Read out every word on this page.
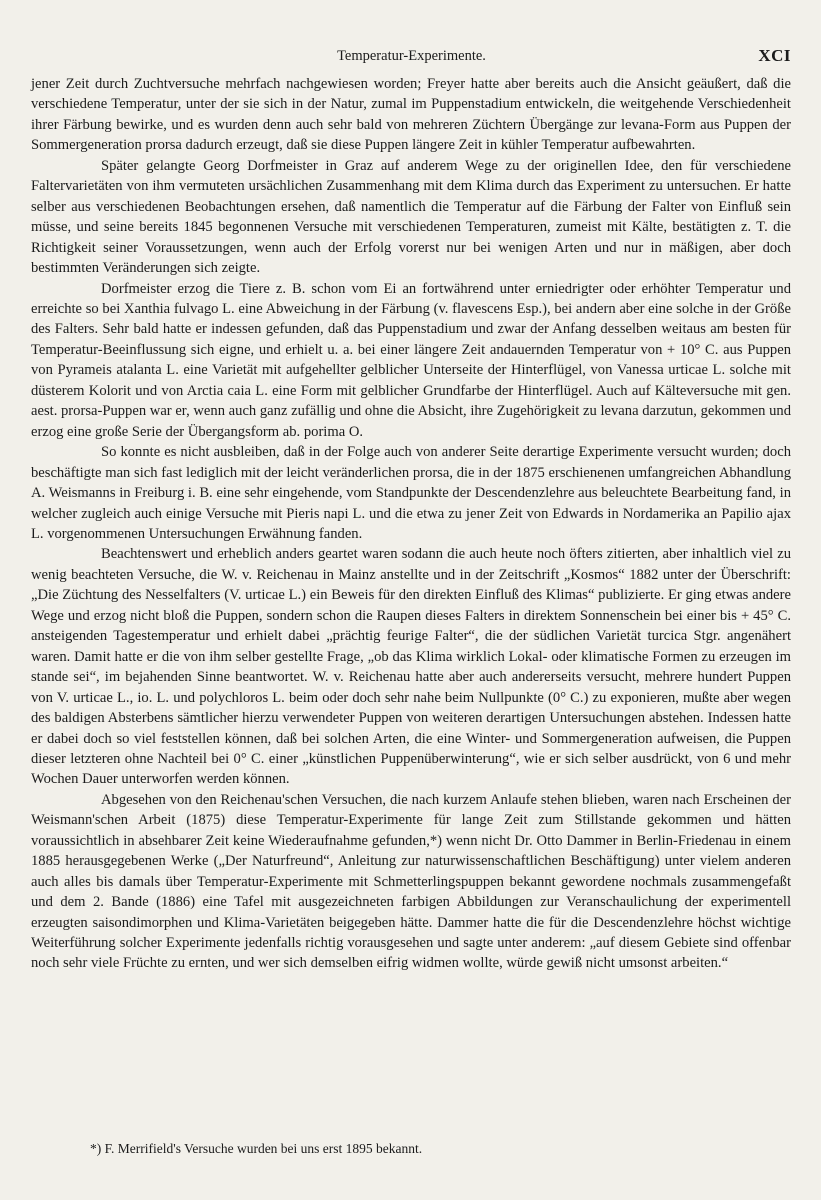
Temperatur-Experimente.	XCI

jener Zeit durch Zuchtversuche mehrfach nachgewiesen worden; Freyer hatte aber bereits auch die Ansicht geäußert, daß die verschiedene Temperatur, unter der sie sich in der Natur, zumal im Puppenstadium entwickeln, die weitgehende Verschiedenheit ihrer Färbung bewirke, und es wurden denn auch sehr bald von mehreren Züchtern Übergänge zur levana-Form aus Puppen der Sommergeneration prorsa dadurch erzeugt, daß sie diese Puppen längere Zeit in kühler Temperatur aufbewahrten.

Später gelangte Georg Dorfmeister in Graz auf anderem Wege zu der originellen Idee, den für verschiedene Faltervarietäten von ihm vermuteten ursächlichen Zusammenhang mit dem Klima durch das Experiment zu untersuchen. Er hatte selber aus verschiedenen Beobachtungen ersehen, daß namentlich die Temperatur auf die Färbung der Falter von Einfluß sein müsse, und seine bereits 1845 begonnenen Versuche mit verschiedenen Temperaturen, zumeist mit Kälte, bestätigten z. T. die Richtigkeit seiner Voraussetzungen, wenn auch der Erfolg vorerst nur bei wenigen Arten und nur in mäßigen, aber doch bestimmten Veränderungen sich zeigte.

Dorfmeister erzog die Tiere z. B. schon vom Ei an fortwährend unter erniedrigter oder erhöhter Temperatur und erreichte so bei Xanthia fulvago L. eine Abweichung in der Färbung (v. flavescens Esp.), bei andern aber eine solche in der Größe des Falters. Sehr bald hatte er indessen gefunden, daß das Puppenstadium und zwar der Anfang desselben weitaus am besten für Temperatur-Beeinflussung sich eigne, und erhielt u. a. bei einer längere Zeit andauernden Temperatur von + 10° C. aus Puppen von Pyrameis atalanta L. eine Varietät mit aufgehellter gelblicher Unterseite der Hinterflügel, von Vanessa urticae L. solche mit düsterem Kolorit und von Arctia caia L. eine Form mit gelblicher Grundfarbe der Hinterflügel. Auch auf Kälteversuche mit gen. aest. prorsa-Puppen war er, wenn auch ganz zufällig und ohne die Absicht, ihre Zugehörigkeit zu levana darzutun, gekommen und erzog eine große Serie der Übergangsform ab. porima O.

So konnte es nicht ausbleiben, daß in der Folge auch von anderer Seite derartige Experimente versucht wurden; doch beschäftigte man sich fast lediglich mit der leicht veränderlichen prorsa, die in der 1875 erschienenen umfangreichen Abhandlung A. Weismanns in Freiburg i. B. eine sehr eingehende, vom Standpunkte der Descendenzlehre aus beleuchtete Bearbeitung fand, in welcher zugleich auch einige Versuche mit Pieris napi L. und die etwa zu jener Zeit von Edwards in Nordamerika an Papilio ajax L. vorgenommenen Untersuchungen Erwähnung fanden.

Beachtenswert und erheblich anders geartet waren sodann die auch heute noch öfters zitierten, aber inhaltlich viel zu wenig beachteten Versuche, die W. v. Reichenau in Mainz anstellte und in der Zeitschrift „Kosmos“ 1882 unter der Überschrift: „Die Züchtung des Nesselfalters (V. urticae L.) ein Beweis für den direkten Einfluß des Klimas“ publizierte. Er ging etwas andere Wege und erzog nicht bloß die Puppen, sondern schon die Raupen dieses Falters in direktem Sonnenschein bei einer bis + 45° C. ansteigenden Tagestemperatur und erhielt dabei „prächtig feurige Falter“, die der südlichen Varietät turcica Stgr. angenähert waren. Damit hatte er die von ihm selber gestellte Frage, „ob das Klima wirklich Lokal- oder klimatische Formen zu erzeugen im stande sei“, im bejahenden Sinne beantwortet. W. v. Reichenau hatte aber auch andererseits versucht, mehrere hundert Puppen von V. urticae L., io. L. und polychloros L. beim oder doch sehr nahe beim Nullpunkte (0° C.) zu exponieren, mußte aber wegen des baldigen Absterbens sämtlicher hierzu verwendeter Puppen von weiteren derartigen Untersuchungen abstehen. Indessen hatte er dabei doch so viel feststellen können, daß bei solchen Arten, die eine Winter- und Sommergeneration aufweisen, die Puppen dieser letzteren ohne Nachteil bei 0° C. einer „künstlichen Puppenüberwinterung“, wie er sich selber ausdrückt, von 6 und mehr Wochen Dauer unterworfen werden können.

Abgesehen von den Reichenau'schen Versuchen, die nach kurzem Anlaufe stehen blieben, waren nach Erscheinen der Weismann'schen Arbeit (1875) diese Temperatur-Experimente für lange Zeit zum Stillstande gekommen und hätten voraussichtlich in absehbarer Zeit keine Wiederaufnahme gefunden,*) wenn nicht Dr. Otto Dammer in Berlin-Friedenau in einem 1885 herausgegebenen Werke („Der Naturfreund“, Anleitung zur naturwissenschaftlichen Beschäftigung) unter vielem anderen auch alles bis damals über Temperatur-Experimente mit Schmetterlingspuppen bekannt gewordene nochmals zusammengefaßt und dem 2. Bande (1886) eine Tafel mit ausgezeichneten farbigen Abbildungen zur Veranschaulichung der experimentell erzeugten saisondimorphen und Klima-Varietäten beigegeben hätte. Dammer hatte die für die Descendenzlehre höchst wichtige Weiterführung solcher Experimente jedenfalls richtig vorausgesehen und sagte unter anderem: „auf diesem Gebiete sind offenbar noch sehr viele Früchte zu ernten, und wer sich demselben eifrig widmen wollte, würde gewiß nicht umsonst arbeiten.“

*) F. Merrifield's Versuche wurden bei uns erst 1895 bekannt.
